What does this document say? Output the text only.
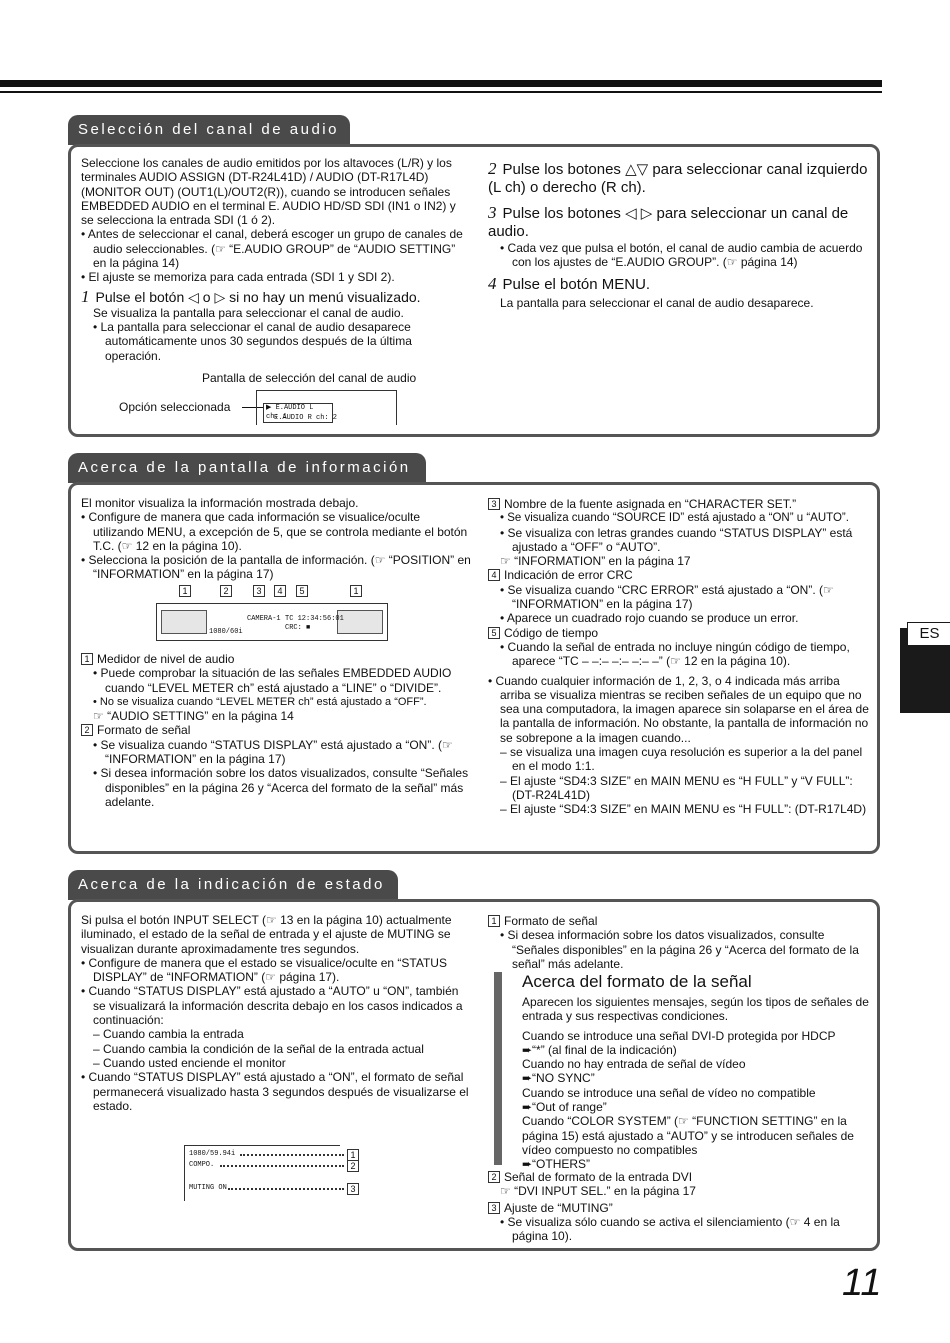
Selección del canal de audio

Seleccione los canales de audio emitidos por los altavoces (L/R) y los terminales AUDIO ASSIGN (DT-R24L41D) / AUDIO (DT-R17L4D) (MONITOR OUT) (OUT1(L)/OUT2(R)), cuando se introducen señales EMBEDDED AUDIO en el terminal E. AUDIO HD/SD SDI (IN1 o IN2) y se selecciona la entrada SDI (1 ó 2).

• Antes de seleccionar el canal, deberá escoger un grupo de canales de audio seleccionables. (☞ “E.AUDIO GROUP” de “AUDIO SETTING” en la página 14)

• El ajuste se memoriza para cada entrada (SDI 1 y SDI 2).

1 Pulse el botón ◁ o ▷ si no hay un menú visualizado.

Se visualiza la pantalla para seleccionar el canal de audio.

• La pantalla para seleccionar el canal de audio desaparece automáticamente unos 30 segundos después de la última operación.

Pantalla de selección del canal de audio
Opción seleccionada	▶ E.AUDIO L ch: 1
E.AUDIO R ch: 2

2 Pulse los botones △▽ para seleccionar canal izquierdo (L ch) o derecho (R ch).

3 Pulse los botones ◁ ▷ para seleccionar un canal de audio.

• Cada vez que pulsa el botón, el canal de audio cambia de acuerdo con los ajustes de “E.AUDIO GROUP”. (☞ página 14)

4 Pulse el botón MENU.

La pantalla para seleccionar el canal de audio desaparece.

Acerca de la pantalla de información

El monitor visualiza la información mostrada debajo.

• Configure de manera que cada información se visualice/oculte utilizando MENU, a excepción de 5, que se controla mediante el botón T.C. (☞ 12 en la página 10).

• Selecciona la posición de la pantalla de información. (☞ “POSITION” en “INFORMATION” en la página 17)

1	2	3	4	5	1
1080/60i
CAMERA-1 TC 12:34:56:01
CRC: ■

1 Medidor de nivel de audio

• Puede comprobar la situación de las señales EMBEDDED AUDIO cuando “LEVEL METER ch” está ajustado a “LINE” o “DIVIDE”.

• No se visualiza cuando “LEVEL METER ch” está ajustado a “OFF”.

☞ “AUDIO SETTING” en la página 14

2 Formato de señal

• Se visualiza cuando “STATUS DISPLAY” está ajustado a “ON”. (☞ “INFORMATION” en la página 17)

• Si desea información sobre los datos visualizados, consulte “Señales disponibles” en la página 26 y “Acerca del formato de la señal” más adelante.

3 Nombre de la fuente asignada en “CHARACTER SET.”

• Se visualiza cuando “SOURCE ID” está ajustado a “ON” u “AUTO”.

• Se visualiza con letras grandes cuando “STATUS DISPLAY” está ajustado a “OFF” o “AUTO”.

☞ “INFORMATION” en la página 17

4 Indicación de error CRC

• Se visualiza cuando “CRC ERROR” está ajustado a “ON”. (☞ “INFORMATION” en la página 17)

• Aparece un cuadrado rojo cuando se produce un error.

5 Código de tiempo

• Cuando la señal de entrada no incluye ningún código de tiempo, aparece “TC – –:– –:– –:– –” (☞ 12 en la página 10).

• Cuando cualquier información de 1, 2, 3, o 4 indicada más arriba arriba se visualiza mientras se reciben señales de un equipo que no sea una computadora, la imagen aparece sin solaparse en el área de la pantalla de información. No obstante, la pantalla de información no se sobrepone a la imagen cuando...

– se visualiza una imagen cuya resolución es superior a la del panel en el modo 1:1.

– El ajuste “SD4:3 SIZE” en MAIN MENU es “H FULL” y “V FULL”: (DT-R24L41D)

– El ajuste “SD4:3 SIZE” en MAIN MENU es “H FULL”: (DT-R17L4D)

Acerca de la indicación de estado

Si pulsa el botón INPUT SELECT (☞ 13 en la página 10) actualmente iluminado, el estado de la señal de entrada y el ajuste de MUTING se visualizan durante aproximadamente tres segundos.

• Configure de manera que el estado se visualice/oculte en “STATUS DISPLAY” de “INFORMATION” (☞ página 17).

• Cuando “STATUS DISPLAY” está ajustado a “AUTO” u “ON”, también se visualizará la información descrita debajo en los casos indicados a continuación:

– Cuando cambia la entrada

– Cuando cambia la condición de la señal de la entrada actual

– Cuando usted enciende el monitor

• Cuando “STATUS DISPLAY” está ajustado a “ON”, el formato de señal permanecerá visualizado hasta 3 segundos después de visualizarse el estado.

1080/59.94i
COMPO.
MUTING ON
1
2
3

1 Formato de señal

• Si desea información sobre los datos visualizados, consulte “Señales disponibles” en la página 26 y “Acerca del formato de la señal” más adelante.

Acerca del formato de la señal

Aparecen los siguientes mensajes, según los tipos de señales de entrada y sus respectivas condiciones.

Cuando se introduce una señal DVI-D protegida por HDCP

➨“*” (al final de la indicación)

Cuando no hay entrada de señal de vídeo

➨“NO SYNC”

Cuando se introduce una señal de vídeo no compatible

➨“Out of range”

Cuando “COLOR SYSTEM” (☞ “FUNCTION SETTING” en la página 15) está ajustado a “AUTO” y se introducen señales de vídeo compuesto no compatibles

➨“OTHERS”

2 Señal de formato de la entrada DVI

☞ “DVI INPUT SEL.” en la página 17

3 Ajuste de “MUTING”

• Se visualiza sólo cuando se activa el silenciamiento (☞ 4 en la página 10).

ES
11
